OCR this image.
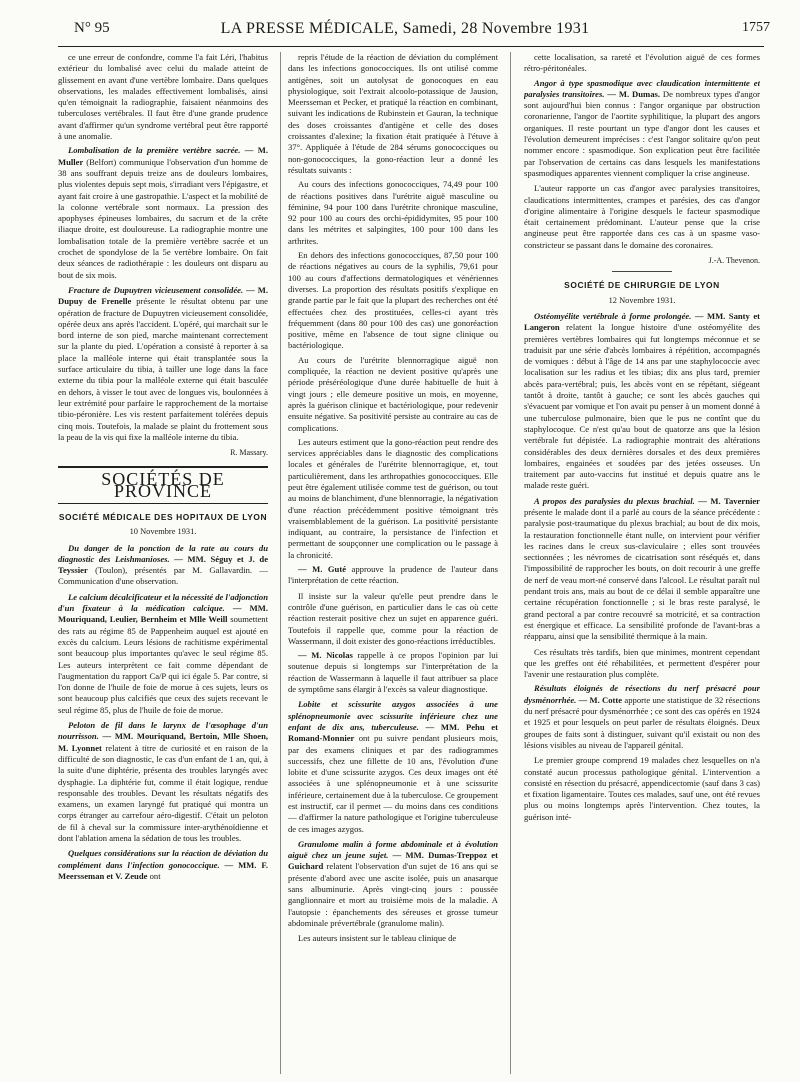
N° 95	LA PRESSE MÉDICALE, Samedi, 28 Novembre 1931	1757

ce une erreur de confondre, comme l'a fait Léri, l'habitus extérieur du lombalisé avec celui du malade atteint de glissement en avant d'une vertèbre lombaire. Dans quelques observations, les malades effectivement lombalisés, ainsi qu'en témoignait la radiographie, faisaient néanmoins des tuberculoses vertébrales. Il faut être d'une grande prudence avant d'affirmer qu'un syndrome vertébral peut être rapporté à une anomalie.

Lombalisation de la première vertèbre sacrée. — M. Muller (Belfort) communique l'observation d'un homme de 38 ans souffrant depuis treize ans de douleurs lombaires, plus violentes depuis sept mois, s'irradiant vers l'épigastre, et ayant fait croire à une gastropathie. L'aspect et la mobilité de la colonne vertébrale sont normaux. La pression des apophyses épineuses lombaires, du sacrum et de la crête iliaque droite, est douloureuse. La radiographie montre une lombalisation totale de la première vertèbre sacrée et un crochet de spondylose de la 5e vertèbre lombaire. On fait deux séances de radiothérapie : les douleurs ont disparu au bout de six mois.

Fracture de Dupuytren vicieusement consolidée. — M. Dupuy de Frenelle présente le résultat obtenu par une opération de fracture de Dupuytren vicieusement consolidée, opérée deux ans après l'accident. L'opéré, qui marchait sur le bord interne de son pied, marche maintenant correctement sur la plante du pied. L'opération a consisté à reporter à sa place la malléole interne qui était transplantée sous la surface articulaire du tibia, à tailler une loge dans la face externe du tibia pour la malléole externe qui était basculée en dehors, à visser le tout avec de longues vis, boulonnées à leur extrémité pour parfaire le rapprochement de la mortaise tibio-péronière. Les vis restent parfaitement tolérées depuis cinq mois. Toutefois, la malade se plaint du frottement sous la peau de la vis qui fixe la malléole interne du tibia.

R. Massary.
SOCIÉTÉS DE PROVINCE
SOCIÉTÉ MÉDICALE DES HOPITAUX DE LYON
10 Novembre 1931.

Du danger de la ponction de la rate au cours du diagnostic des Leishmanioses. — MM. Séguy et J. de Teyssier (Toulon), présentés par M. Gallavardin. — Communication d'une observation.

Le calcium décalcificateur et la nécessité de l'adjonction d'un fixateur à la médication calcique. — MM. Mouriquand, Leulier, Bernheim et Mlle Weill soumettent des rats au régime 85 de Pappenheim auquel est ajouté en excès du calcium. Leurs lésions de rachitisme expérimental sont beaucoup plus importantes qu'avec le seul régime 85. Les auteurs interprètent ce fait comme dépendant de l'augmentation du rapport Ca/P qui ici égale 5. Par contre, si l'on donne de l'huile de foie de morue à ces sujets, leurs os sont beaucoup plus calcifiés que ceux des sujets recevant le seul régime 85, plus de l'huile de foie de morue.

Peloton de fil dans le larynx de l'œsophage d'un nourrisson. — MM. Mouriquand, Bertoin, Mlle Shoen, M. Lyonnet relatent à titre de curiosité et en raison de la difficulté de son diagnostic, le cas d'un enfant de 1 an, qui, à la suite d'une diphtérie, présenta des troubles laryngés avec dysphagie. La diphtérie fut, comme il était logique, rendue responsable des troubles. Devant les résultats négatifs des examens, un examen laryngé fut pratiqué qui montra un corps étranger au carrefour aéro-digestif. C'était un peloton de fil à cheval sur la commissure inter-arythénoïdienne et dont l'ablation amena la sédation de tous les troubles.

Quelques considérations sur la réaction de déviation du complément dans l'infection gonococcique. — MM. F. Meersseman et V. Zeude ont

repris l'étude de la réaction de déviation du complément dans les infections gonococciques. Ils ont utilisé comme antigènes, soit un autolysat de gonocoques en eau physiologique, soit l'extrait alcoolo-potassique de Jausion, Meersseman et Pecker, et pratiqué la réaction en combinant, suivant les indications de Rubinstein et Gauran, la technique des doses croissantes d'antigène et celle des doses croissantes d'alexine; la fixation était pratiquée à l'étuve à 37°. Appliquée à l'étude de 284 sérums gonococciques ou non-gonococciques, la gono-réaction leur a donné les résultats suivants :

Au cours des infections gonococciques, 74,49 pour 100 de réactions positives dans l'urétrite aiguë masculine ou féminine, 94 pour 100 dans l'urétrite chronique masculine, 92 pour 100 au cours des orchi-épididymites, 95 pour 100 dans les métrites et salpingites, 100 pour 100 dans les arthrites.

En dehors des infections gonococciques, 87,50 pour 100 de réactions négatives au cours de la syphilis, 79,61 pour 100 au cours d'affections dermatologiques et vénériennes diverses. La proportion des résultats positifs s'explique en grande partie par le fait que la plupart des recherches ont été effectuées chez des prostituées, celles-ci ayant très fréquemment (dans 80 pour 100 des cas) une gonoréaction positive, même en l'absence de tout signe clinique ou bactériologique.

Au cours de l'urétrite blennorragique aiguë non compliquée, la réaction ne devient positive qu'après une période préséréologique d'une durée habituelle de huit à vingt jours ; elle demeure positive un mois, en moyenne, après la guérison clinique et bactériologique, pour redevenir ensuite négative. Sa positivité persiste au contraire au cas de complications.

Les auteurs estiment que la gono-réaction peut rendre des services appréciables dans le diagnostic des complications locales et générales de l'urétrite blennorragique, et, tout particulièrement, dans les arthropathies gonococciques. Elle peut être également utilisée comme test de guérison, ou tout au moins de blanchiment, d'une blennorragie, la négativation d'une réaction précédemment positive témoignant très vraisemblablement de la guérison. La positivité persistante indiquant, au contraire, la persistance de l'infection et permettant de soupçonner une complication ou le passage à la chronicité.

— M. Guté approuve la prudence de l'auteur dans l'interprétation de cette réaction.

Il insiste sur la valeur qu'elle peut prendre dans le contrôle d'une guérison, en particulier dans le cas où cette réaction resterait positive chez un sujet en apparence guéri. Toutefois il rappelle que, comme pour la réaction de Wassermann, il doit exister des gono-réactions irréductibles.

— M. Nicolas rappelle à ce propos l'opinion par lui soutenue depuis si longtemps sur l'interprétation de la réaction de Wassermann à laquelle il faut attribuer sa place de symptôme sans élargir à l'excès sa valeur diagnostique.

Lobite et scissurite azygos associées à une splénopneumonie avec scissurite inférieure chez une enfant de dix ans, tuberculeuse. — MM. Pehu et Romand-Monnier ont pu suivre pendant plusieurs mois, par des examens cliniques et par des radiogrammes successifs, chez une fillette de 10 ans, l'évolution d'une lobite et d'une scissurite azygos. Ces deux images ont été associées à une splénopneumonie et à une scissurite inférieure, certainement due à la tuberculose. Ce groupement est instructif, car il permet — du moins dans ces conditions — d'affirmer la nature pathologique et l'origine tuberculeuse de ces images azygos.

Granulome malin à forme abdominale et à évolution aiguë chez un jeune sujet. — MM. Dumas-Treppoz et Guichard relatent l'observation d'un sujet de 16 ans qui se présente d'abord avec une ascite isolée, puis un anasarque sans albuminurie. Après vingt-cinq jours : poussée ganglionnaire et mort au troisième mois de la maladie. A l'autopsie : épanchements des séreuses et grosse tumeur abdominale prévertébrale (granulome malin).

Les auteurs insistent sur le tableau clinique de

cette localisation, sa rareté et l'évolution aiguë de ces formes rétro-péritonéales.

Angor à type spasmodique avec claudication intermittente et paralysies transitoires. — M. Dumas. De nombreux types d'angor sont aujourd'hui bien connus : l'angor organique par obstruction coronarienne, l'angor de l'aortite syphilitique, la plupart des angors organiques. Il reste pourtant un type d'angor dont les causes et l'évolution demeurent imprécises : c'est l'angor solitaire qu'on peut nommer encore : spasmodique. Son explication peut être facilitée par l'observation de certains cas dans lesquels les manifestations spasmodiques apparentes viennent compliquer la crise angineuse.

L'auteur rapporte un cas d'angor avec paralysies transitoires, claudications intermittentes, crampes et parésies, des cas d'angor d'origine alimentaire à l'origine desquels le facteur spasmodique était certainement prédominant. L'auteur pense que la crise angineuse peut être rapportée dans ces cas à un spasme vaso-constricteur se passant dans le domaine des coronaires.

J.-A. Thevenon.
SOCIÉTÉ DE CHIRURGIE DE LYON
12 Novembre 1931.

Ostéomyélite vertébrale à forme prolongée. — MM. Santy et Langeron relatent la longue histoire d'une ostéomyélite des premières vertèbres lombaires qui fut longtemps méconnue et se traduisit par une série d'abcès lombaires à répétition, accompagnés de vomiques : début à l'âge de 14 ans par une staphylococcie avec localisation sur les radius et les tibias; dix ans plus tard, premier abcès para-vertébral; puis, les abcès vont en se répétant, siégeant tantôt à droite, tantôt à gauche; ce sont les abcès gauches qui s'évacuent par vomique et l'on avait pu penser à un moment donné à une tuberculose pulmonaire, bien que le pus ne contînt que du staphylocoque. Ce n'est qu'au bout de quatorze ans que la lésion vertébrale fut dépistée. La radiographie montrait des altérations considérables des deux dernières dorsales et des deux premières lombaires, engainées et soudées par des jetées osseuses. Un traitement par auto-vaccins fut institué et depuis quatre ans le malade reste guéri.

A propos des paralysies du plexus brachial. — M. Tavernier présente le malade dont il a parlé au cours de la séance précédente : paralysie post-traumatique du plexus brachial; au bout de dix mois, la restauration fonctionnelle étant nulle, on intervient pour vérifier les racines dans le creux sus-claviculaire ; elles sont trouvées sectionnées ; les névromes de cicatrisation sont réséqués et, dans l'impossibilité de rapprocher les bouts, on doit recourir à une greffe de nerf de veau mort-né conservé dans l'alcool. Le résultat paraît nul pendant trois ans, mais au bout de ce délai il semble apparaître une certaine récupération fonctionnelle ; si le bras reste paralysé, le grand pectoral a par contre recouvré sa motricité, et sa contraction est énergique et efficace. La sensibilité profonde de l'avant-bras a réapparu, ainsi que la sensibilité thermique à la main.

Ces résultats très tardifs, bien que minimes, montrent cependant que les greffes ont été réhabilitées, et permettent d'espérer pour l'avenir une restauration plus complète.

Résultats éloignés de résections du nerf présacré pour dysménorrhée. — M. Cotte apporte une statistique de 32 résections du nerf présacré pour dysménorrhée ; ce sont des cas opérés en 1924 et 1925 et pour lesquels on peut parler de résultats éloignés. Deux groupes de faits sont à distinguer, suivant qu'il existait ou non des lésions visibles au niveau de l'appareil génital.

Le premier groupe comprend 19 malades chez lesquelles on n'a constaté aucun processus pathologique génital. L'intervention a consisté en résection du présacré, appendicectomie (sauf dans 3 cas) et fixation ligamentaire. Toutes ces malades, sauf une, ont été revues plus ou moins longtemps après l'intervention. Chez toutes, la guérison inté-
